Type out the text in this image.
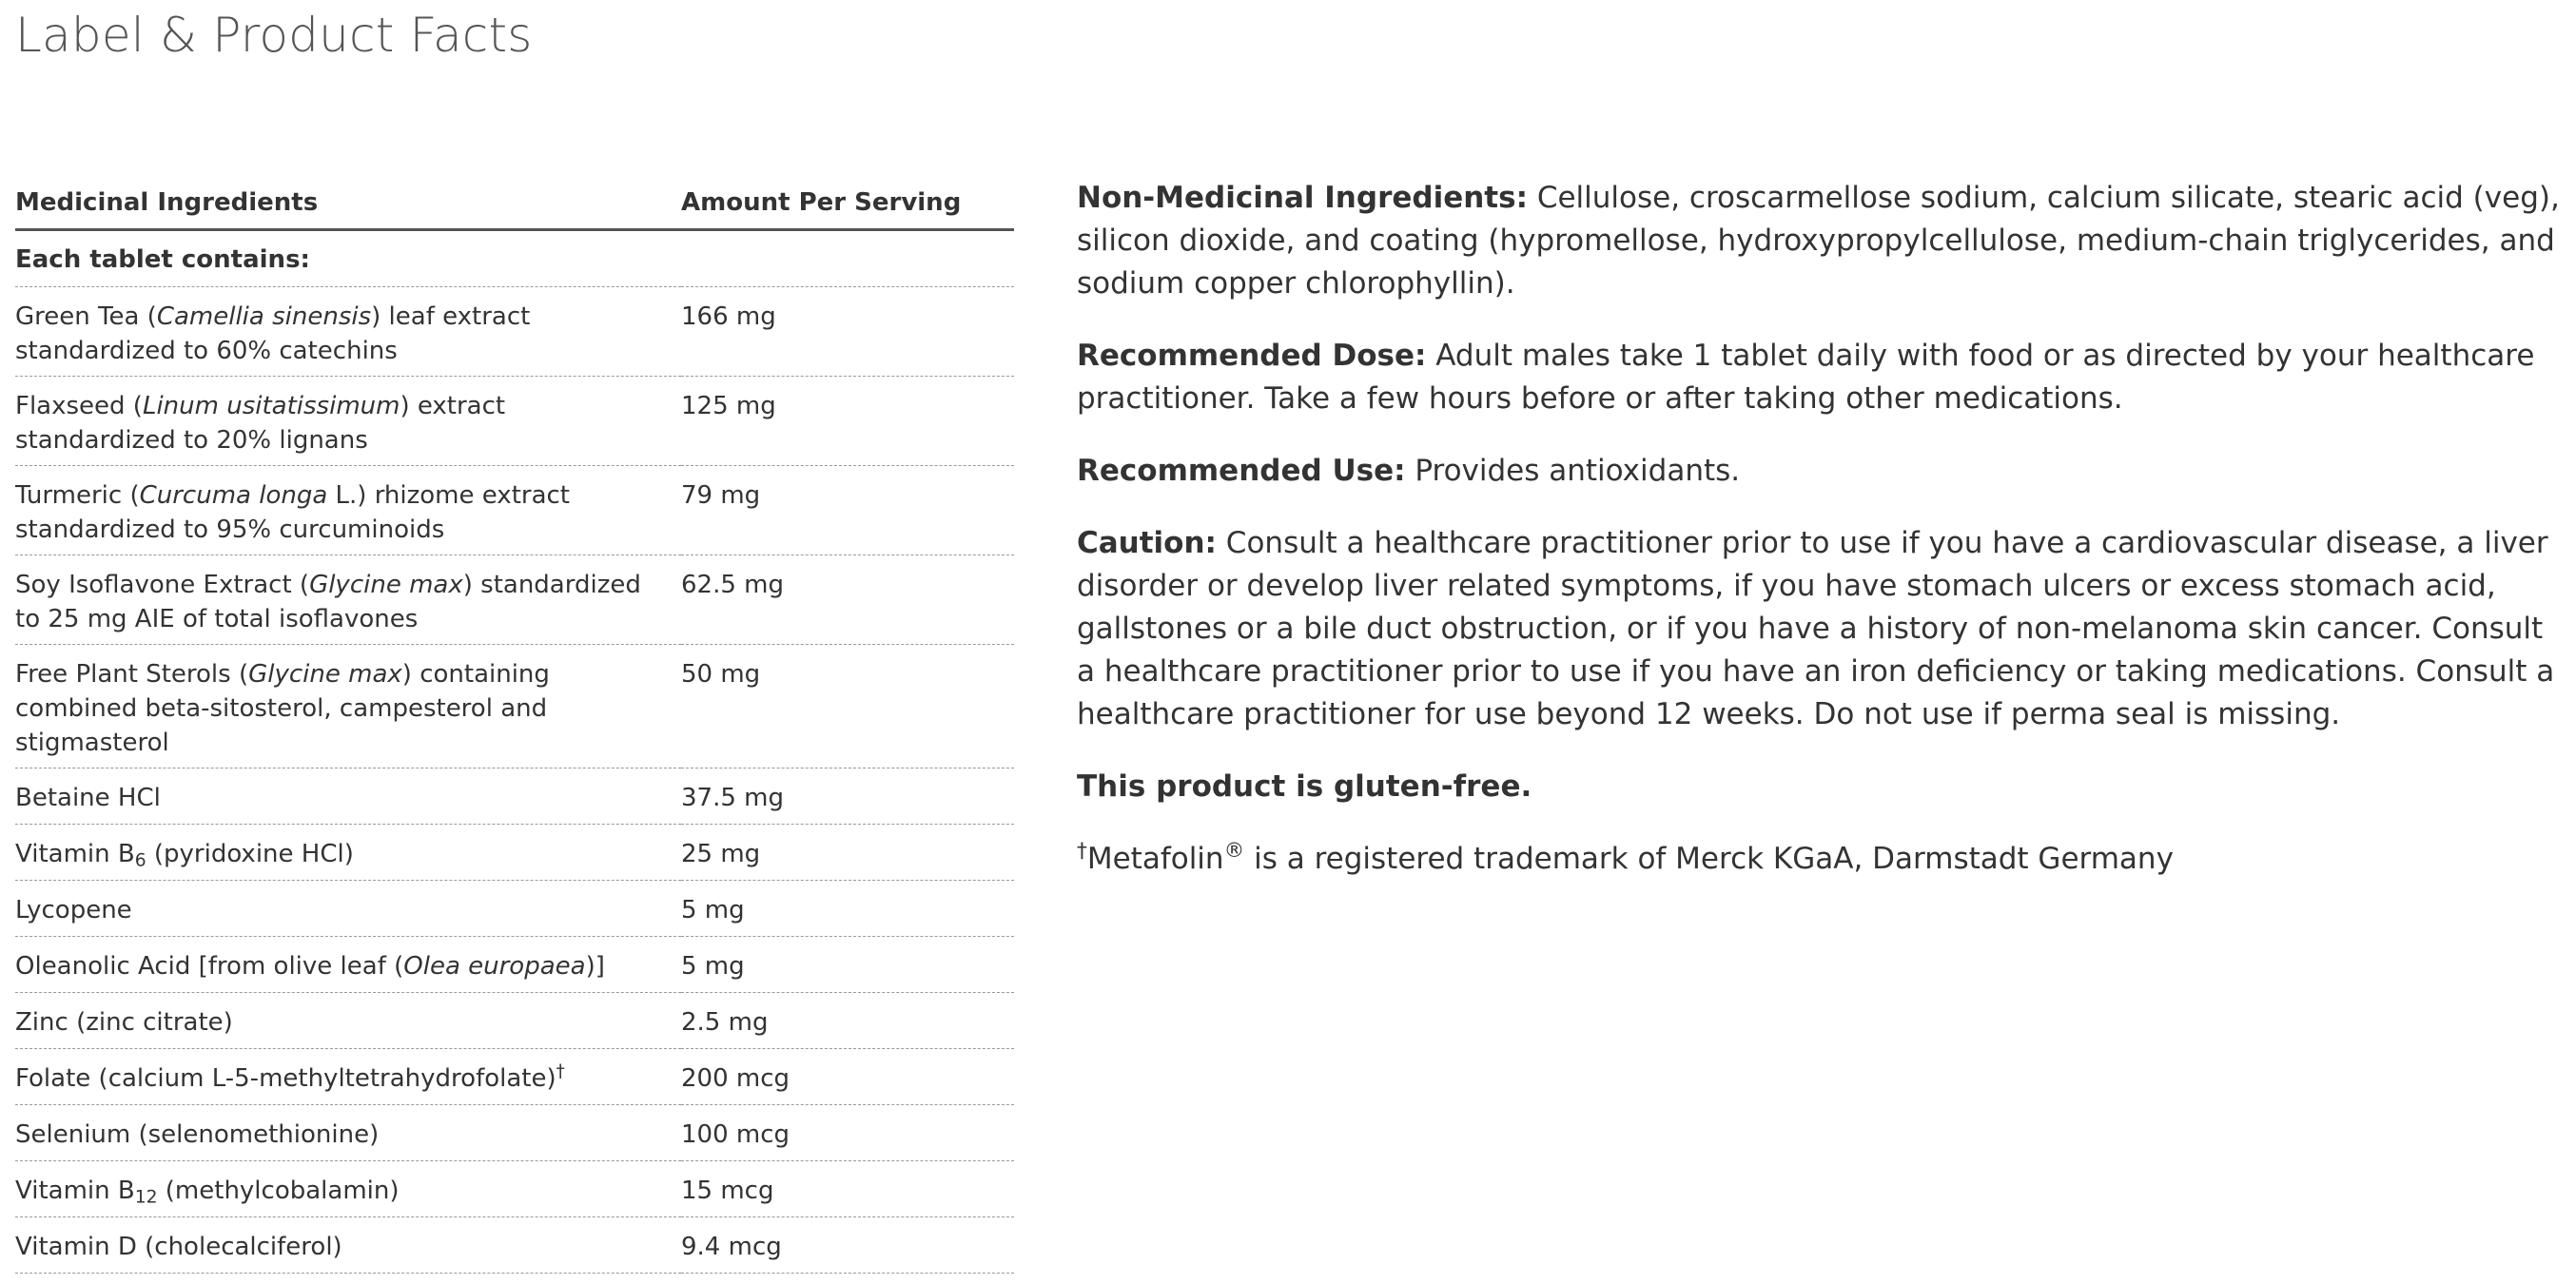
Label & Product Facts
Medicinal Ingredients	Amount Per Serving
Each tablet contains:	

Green Tea (Camellia sinensis) leaf extract standardized to 60% catechins	166 mg

Flaxseed (Linum usitatissimum) extract standardized to 20% lignans	125 mg

Turmeric (Curcuma longa L.) rhizome extract standardized to 95% curcuminoids	79 mg

Soy Isoflavone Extract (Glycine max) standardized to 25 mg AIE of total isoflavones	62.5 mg

Free Plant Sterols (Glycine max) containing combined beta-sitosterol, campesterol and stigmasterol	50 mg
Betaine HCl	37.5 mg
Vitamin $B_6$ (pyridoxine HCl)	25 mg
Lycopene	5 mg
Oleanolic Acid [from olive leaf (Olea europaea)]	5 mg
Zinc (zinc citrate)	2.5 mg
Folate (calcium L-5-methyltetrahydrofolate)†	200 mcg
Selenium (selenomethionine)	100 mcg
Vitamin $B_{12}$ (methylcobalamin)	15 mcg
Vitamin D (cholecalciferol)	9.4 mcg

Non-Medicinal Ingredients: Cellulose, croscarmellose sodium, calcium silicate, stearic acid (veg), silicon dioxide, and coating (hypromellose, hydroxypropylcellulose, medium-chain triglycerides, and sodium copper chlorophyllin).

Recommended Dose: Adult males take 1 tablet daily with food or as directed by your healthcare practitioner. Take a few hours before or after taking other medications.

Recommended Use: Provides antioxidants.

Caution: Consult a healthcare practitioner prior to use if you have a cardiovascular disease, a liver disorder or develop liver related symptoms, if you have stomach ulcers or excess stomach acid, gallstones or a bile duct obstruction, or if you have a history of non-melanoma skin cancer. Consult a healthcare practitioner prior to use if you have an iron deficiency or taking medications. Consult a healthcare practitioner for use beyond 12 weeks. Do not use if perma seal is missing.

This product is gluten-free.

†Metafolin® is a registered trademark of Merck KGaA, Darmstadt Germany
